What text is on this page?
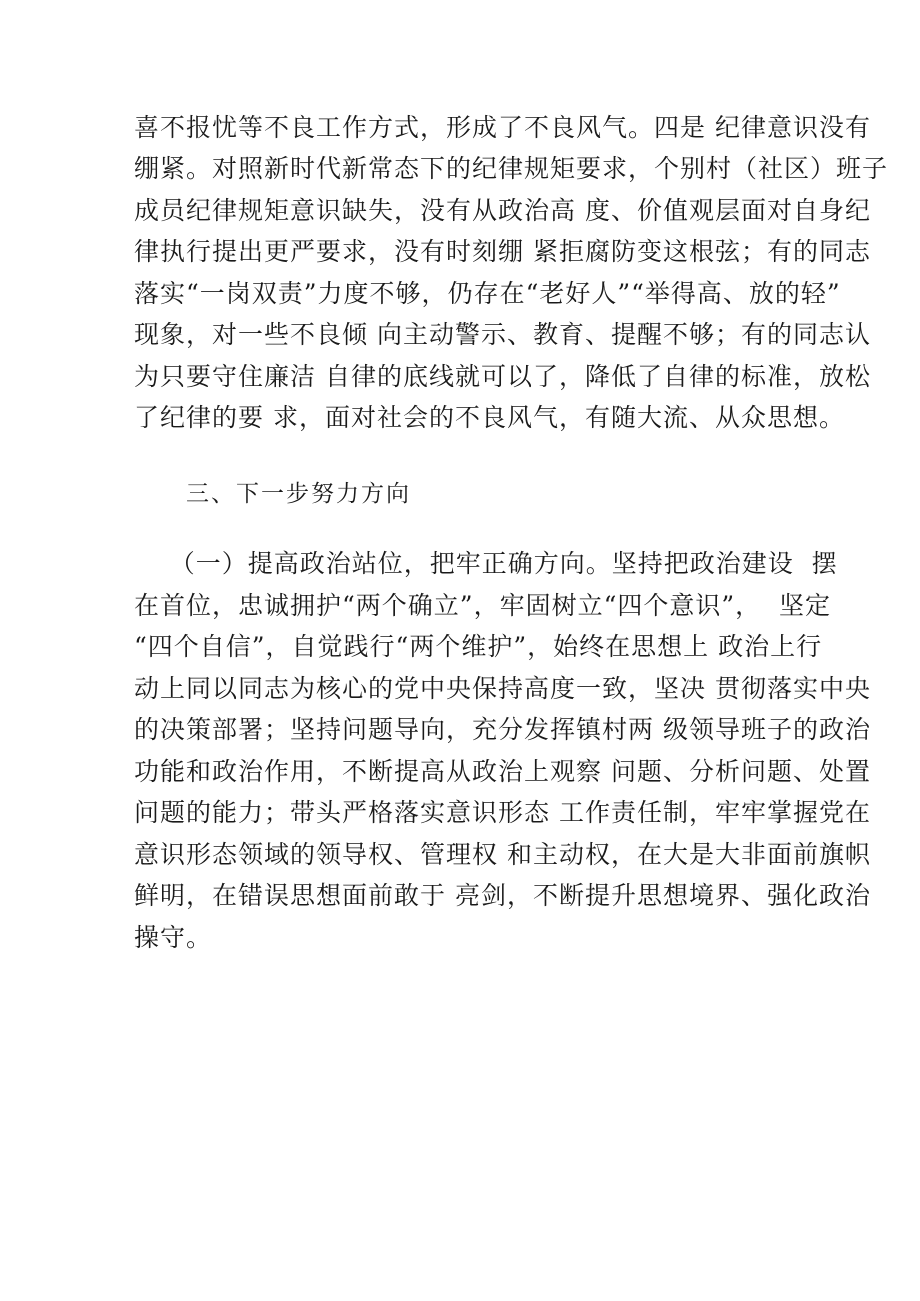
喜不报忧等不良工作方式，形成了不良风气。四是 纪律意识没有
绷紧。对照新时代新常态下的纪律规矩要求，个别村（社区）班子
成员纪律规矩意识缺失，没有从政治高 度、价值观层面对自身纪
律执行提出更严要求，没有时刻绷 紧拒腐防变这根弦；有的同志
落实“一岗双责”力度不够，仍存在“老好人”“举得高、放的轻”
现象，对一些不良倾 向主动警示、教育、提醒不够；有的同志认
为只要守住廉洁 自律的底线就可以了，降低了自律的标准，放松
了纪律的要 求，面对社会的不良风气，有随大流、从众思想。
三、下一步努力方向
（一）提高政治站位，把牢正确方向。坚持把政治建设  摆
在首位，忠诚拥护“两个确立”，牢固树立“四个意识”，  坚定
“四个自信”，自觉践行“两个维护”，始终在思想上 政治上行
动上同以同志为核心的党中央保持高度一致，坚决 贯彻落实中央
的决策部署；坚持问题导向，充分发挥镇村两 级领导班子的政治
功能和政治作用，不断提高从政治上观察 问题、分析问题、处置
问题的能力；带头严格落实意识形态 工作责任制，牢牢掌握党在
意识形态领域的领导权、管理权 和主动权，在大是大非面前旗帜
鲜明，在错误思想面前敢于 亮剑，不断提升思想境界、强化政治
操守。
